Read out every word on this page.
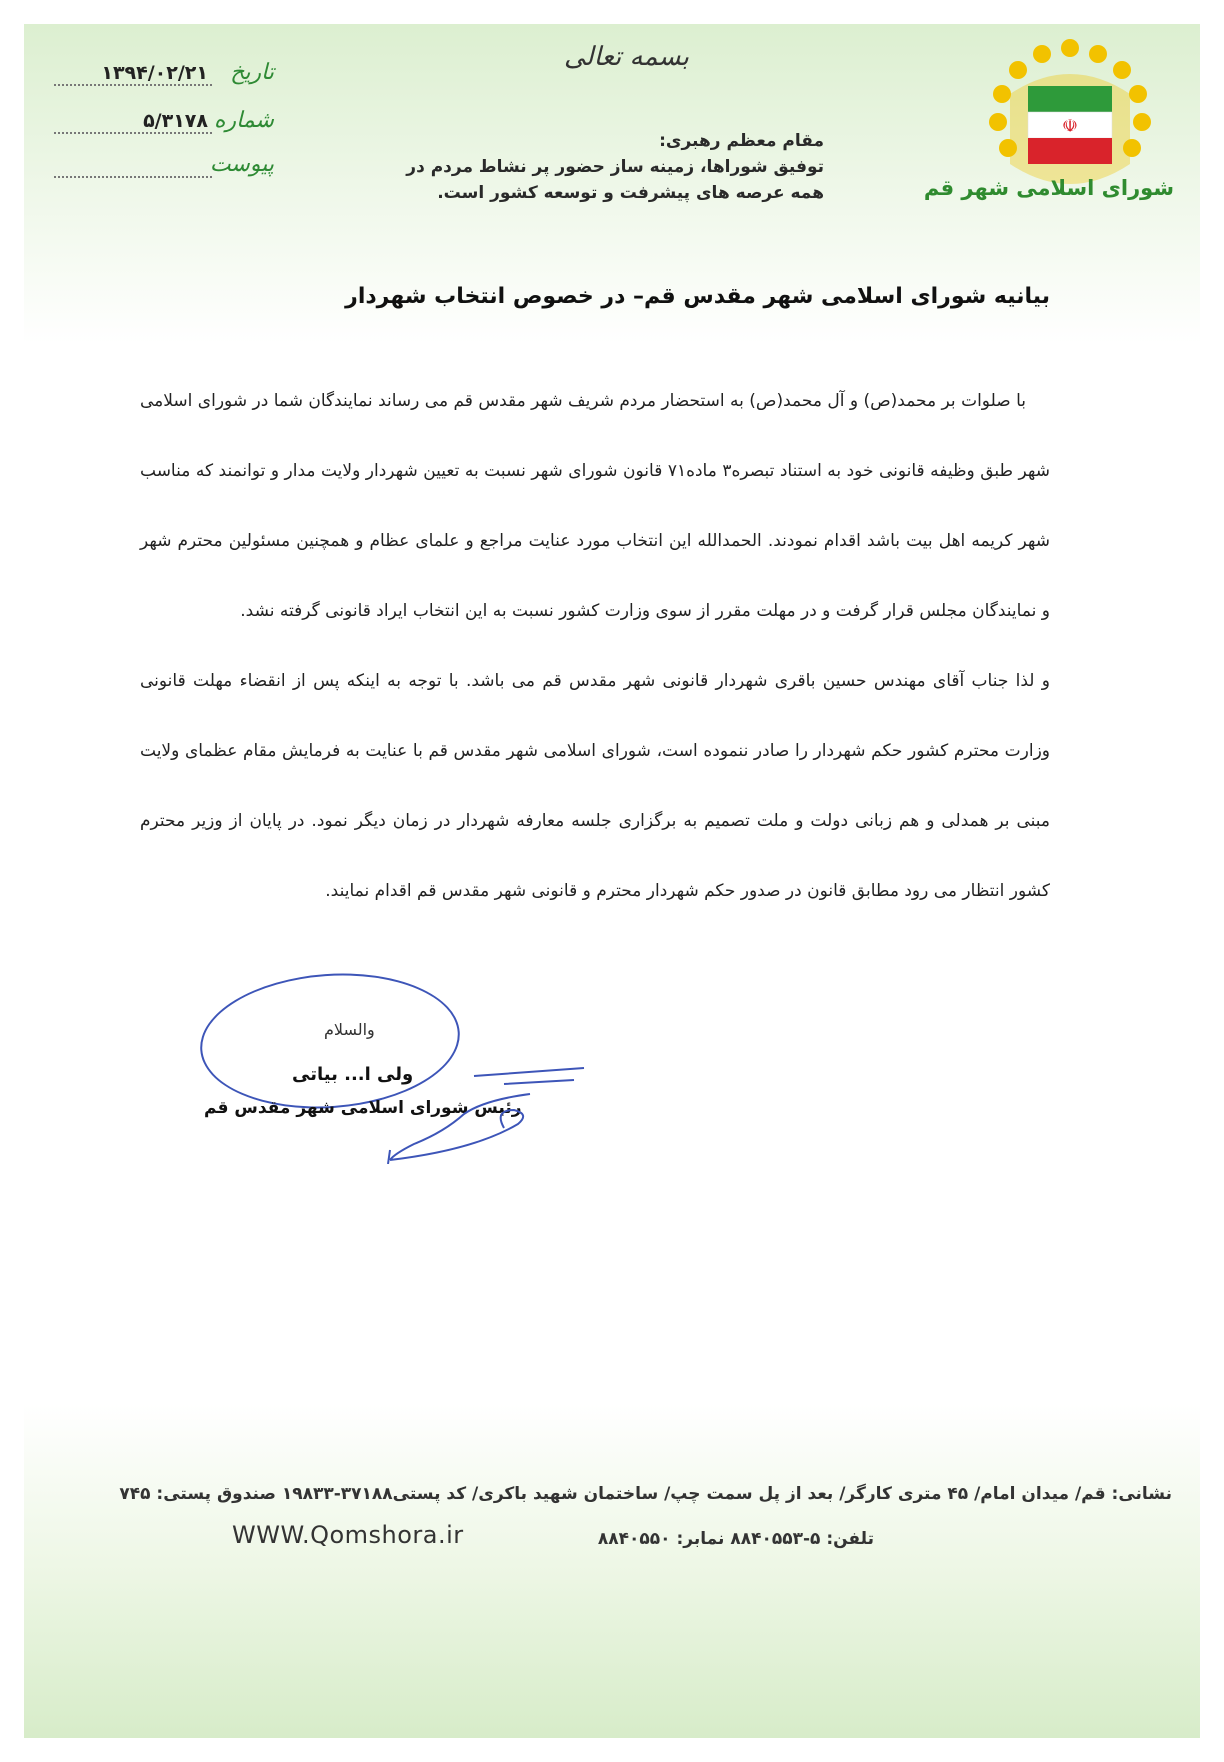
☫
شورای اسلامی شهر قم
بسمه تعالی
مقام معظم رهبری:
توفیق شوراها، زمینه ساز حضور پر نشاط مردم در
همه عرصه های پیشرفت و توسعه کشور است.
تاریخ
۱۳۹۴/۰۲/۲۱
شماره
۵/۳۱۷۸
پیوست
بیانیه شورای اسلامی شهر مقدس قم– در خصوص انتخاب شهردار

با صلوات بر محمد(ص) و آل محمد(ص) به استحضار مردم شریف شهر مقدس قم می رساند نمایندگان شما در شورای اسلامی شهر طبق وظیفه قانونی خود به استناد تبصره۳ ماده۷۱ قانون شورای شهر نسبت به تعیین شهردار ولایت مدار و توانمند که مناسب شهر کریمه اهل بیت باشد اقدام نمودند. الحمدالله این انتخاب مورد عنایت مراجع و علمای عظام و همچنین مسئولین محترم شهر و نمایندگان مجلس قرار گرفت و در مهلت مقرر از سوی وزارت کشور نسبت به این انتخاب ایراد قانونی گرفته نشد.

و لذا جناب آقای مهندس حسین باقری شهردار قانونی شهر مقدس قم می باشد. با توجه به اینکه پس از انقضاء مهلت قانونی وزارت محترم کشور حکم شهردار را صادر ننموده است، شورای اسلامی شهر مقدس قم با عنایت به فرمایش مقام عظمای ولایت مبنی بر همدلی و هم زبانی دولت و ملت تصمیم به برگزاری جلسه معارفه شهردار در زمان دیگر نمود. در پایان از وزیر محترم کشور انتظار می رود مطابق قانون در صدور حکم شهردار محترم و قانونی شهر مقدس قم اقدام نمایند.

والسلام
ولی ا... بیاتی
رئیس شورای اسلامی شهر مقدس قم
نشانی: قم/ میدان امام/ ۴۵ متری کارگر/ بعد از پل سمت چپ/ ساختمان شهید باکری/ کد پستی۳۷۱۸۸-۱۹۸۳۳ صندوق پستی: ۷۴۵
WWW.Qomshora.ir	تلفن: ۵-۸۸۴۰۵۵۳ نمابر: ۸۸۴۰۵۵۰
